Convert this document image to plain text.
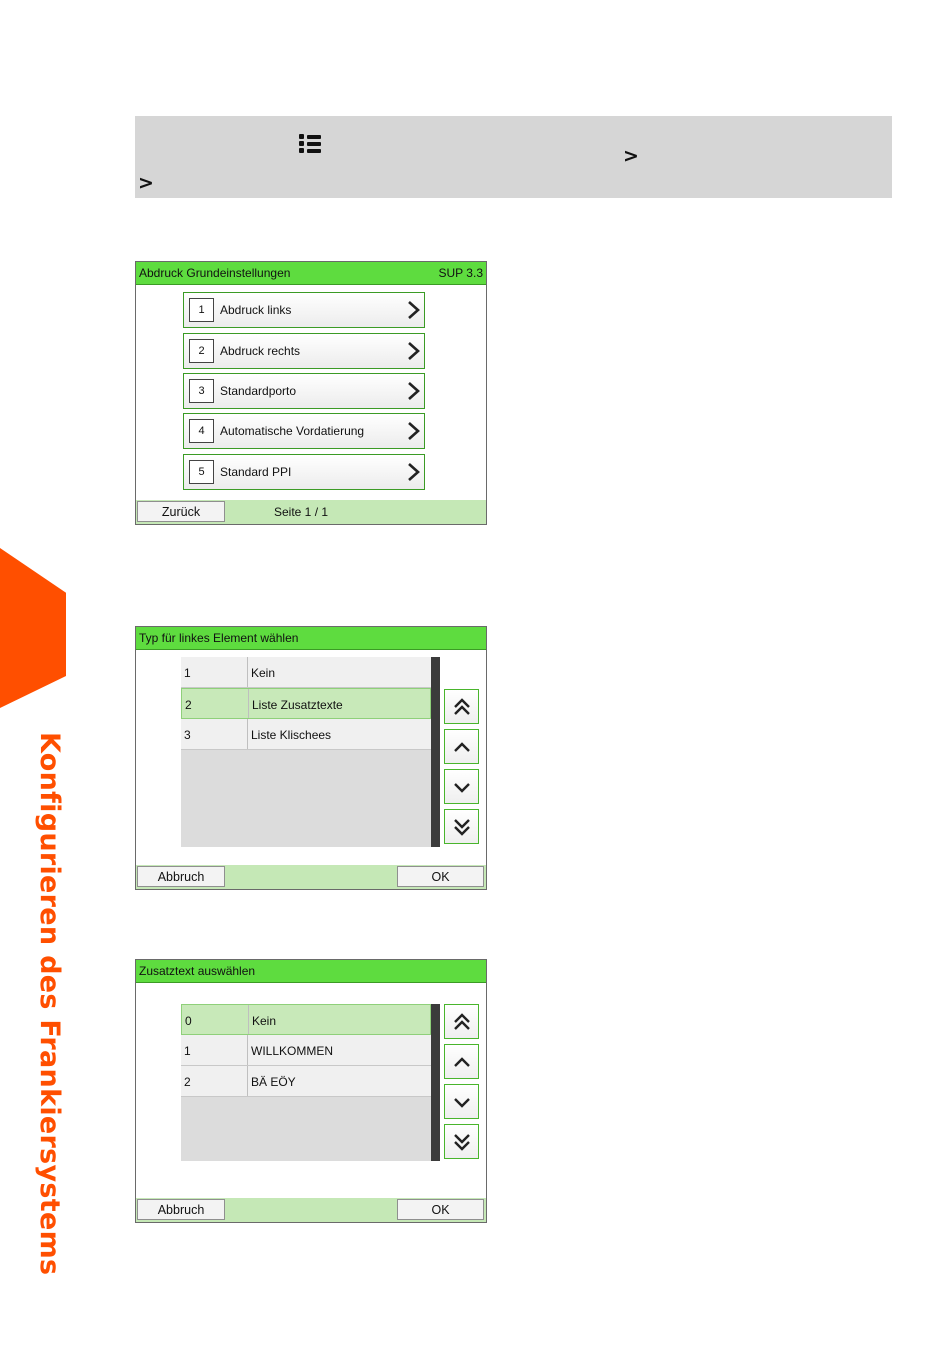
Konfigurieren des Frankiersystems
>
>
Abdruck Grundeinstellungen	SUP 3.3
1	Abdruck links
2	Abdruck rechts
3	Standardporto
4	Automatische Vordatierung
5	Standard PPI
Zurück	Seite 1 / 1
Typ für linkes Element wählen
1	Kein
2	Liste Zusatztexte
3	Liste Klischees
Abbruch	OK
Zusatztext auswählen
0	Kein
1	WILLKOMMEN
2	BÄ EÖY
Abbruch	OK
